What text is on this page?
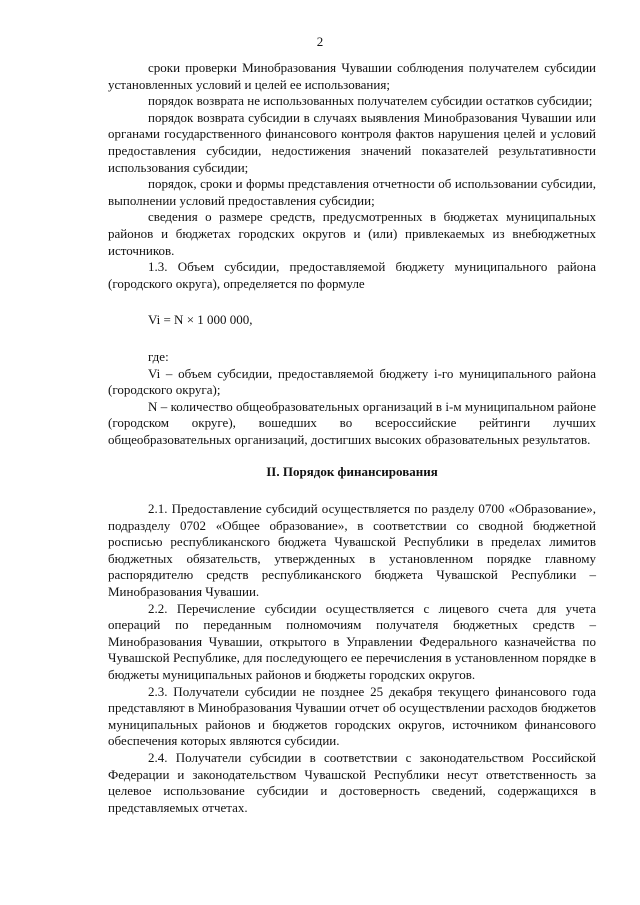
2

сроки проверки Минобразования Чувашии соблюдения получателем субсидии установленных условий и целей ее использования;

порядок возврата не использованных получателем субсидии остатков субсидии;

порядок возврата субсидии в случаях выявления Минобразования Чувашии или органами государственного финансового контроля фактов нарушения целей и условий предоставления субсидии, недостижения значений показателей результативности использования субсидии;

порядок, сроки и формы представления отчетности об использовании субсидии, выполнении условий предоставления субсидии;

сведения о размере средств, предусмотренных в бюджетах муниципальных районов и бюджетах городских округов и (или) привлекаемых из внебюджетных источников.

1.3. Объем субсидии, предоставляемой бюджету муниципального района (городского округа), определяется по формуле

Vi = N × 1 000 000,

где:

Vi – объем субсидии, предоставляемой бюджету i-го муниципального района (городского округа);

N – количество общеобразовательных организаций в i-м муниципальном районе (городском округе), вошедших во всероссийские рейтинги лучших общеобразовательных организаций, достигших высоких образовательных результатов.

II. Порядок финансирования

2.1. Предоставление субсидий осуществляется по разделу 0700 «Образование», подразделу 0702 «Общее образование», в соответствии со сводной бюджетной росписью республиканского бюджета Чувашской Республики в пределах лимитов бюджетных обязательств, утвержденных в установленном порядке главному распорядителю средств республиканского бюджета Чувашской Республики – Минобразования Чувашии.

2.2. Перечисление субсидии осуществляется с лицевого счета для учета операций по переданным полномочиям получателя бюджетных средств – Минобразования Чувашии, открытого в Управлении Федерального казначейства по Чувашской Республике, для последующего ее перечисления в установленном порядке в бюджеты муниципальных районов и бюджеты городских округов.

2.3. Получатели субсидии не позднее 25 декабря текущего финансового года представляют в Минобразования Чувашии отчет об осуществлении расходов бюджетов муниципальных районов и бюджетов городских округов, источником финансового обеспечения которых являются субсидии.

2.4. Получатели субсидии в соответствии с законодательством Российской Федерации и законодательством Чувашской Республики несут ответственность за целевое использование субсидии и достоверность сведений, содержащихся в представляемых отчетах.
